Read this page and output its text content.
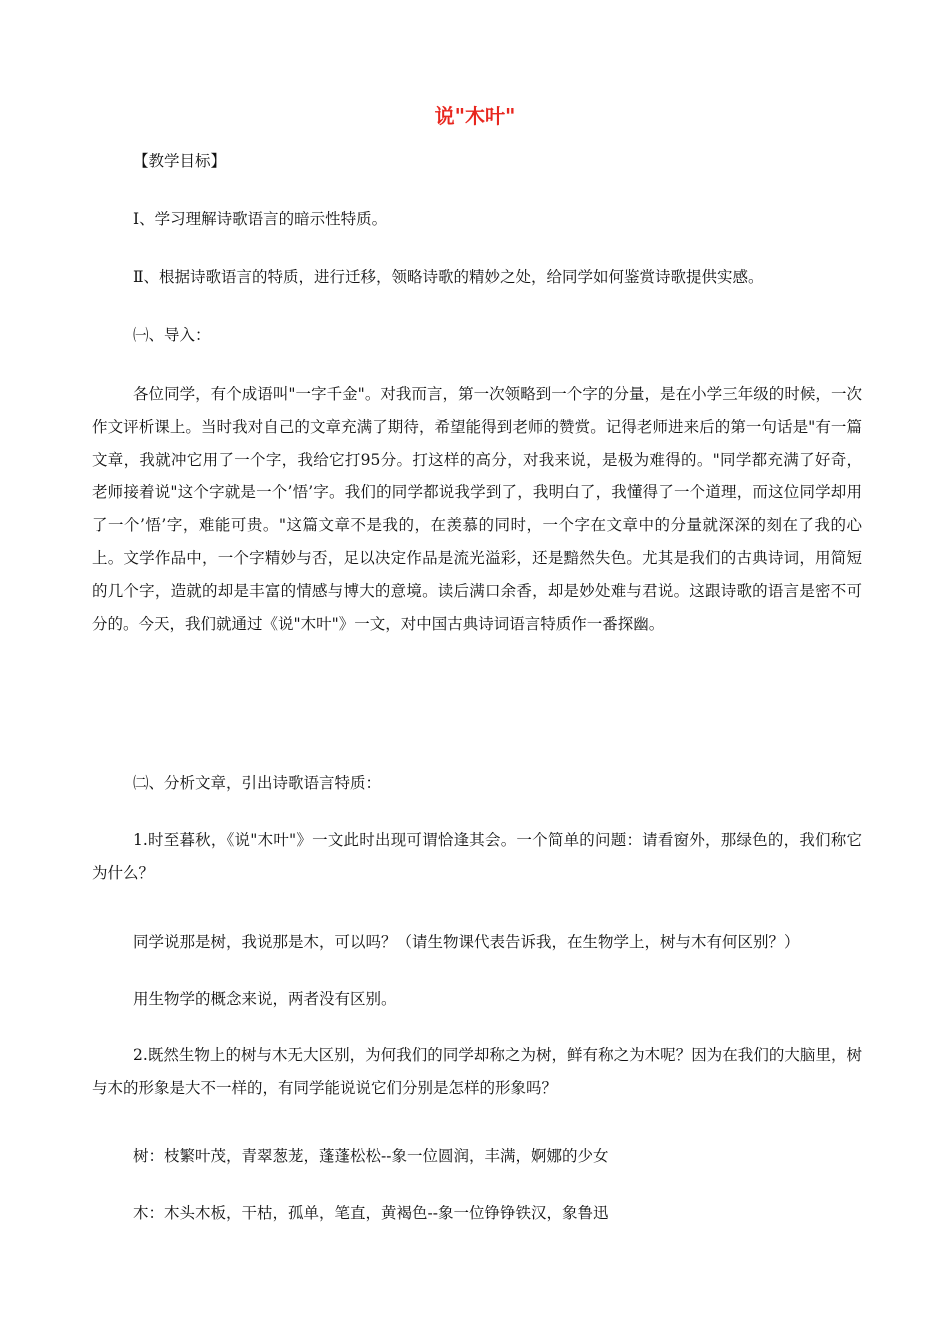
说"木叶"
【教学目标】
Ⅰ、学习理解诗歌语言的暗示性特质。
Ⅱ、根据诗歌语言的特质，进行迁移，领略诗歌的精妙之处，给同学如何鉴赏诗歌提供实感。
㈠、导入：
各位同学，有个成语叫"一字千金"。对我而言，第一次领略到一个字的分量，是在小学三年级的时候，一次作文评析课上。当时我对自己的文章充满了期待，希望能得到老师的赞赏。记得老师进来后的第一句话是"有一篇文章，我就冲它用了一个字，我给它打95分。打这样的高分，对我来说，是极为难得的。"同学都充满了好奇，老师接着说"这个字就是一个’悟’字。我们的同学都说我学到了，我明白了，我懂得了一个道理，而这位同学却用了一个’悟’字，难能可贵。"这篇文章不是我的，在羡慕的同时，一个字在文章中的分量就深深的刻在了我的心上。文学作品中，一个字精妙与否，足以决定作品是流光溢彩，还是黯然失色。尤其是我们的古典诗词，用简短的几个字，造就的却是丰富的情感与博大的意境。读后满口余香，却是妙处难与君说。这跟诗歌的语言是密不可分的。今天，我们就通过《说"木叶"》一文，对中国古典诗词语言特质作一番探幽。
㈡、分析文章，引出诗歌语言特质：
1.时至暮秋，《说"木叶"》一文此时出现可谓恰逢其会。一个简单的问题：请看窗外，那绿色的，我们称它为什么？
同学说那是树，我说那是木，可以吗？（请生物课代表告诉我，在生物学上，树与木有何区别？）
用生物学的概念来说，两者没有区别。
2.既然生物上的树与木无大区别，为何我们的同学却称之为树，鲜有称之为木呢？因为在我们的大脑里，树与木的形象是大不一样的，有同学能说说它们分别是怎样的形象吗？
树：枝繁叶茂，青翠葱茏，蓬蓬松松--象一位圆润，丰满，婀娜的少女
木：木头木板，干枯，孤单，笔直，黄褐色--象一位铮铮铁汉，象鲁迅
